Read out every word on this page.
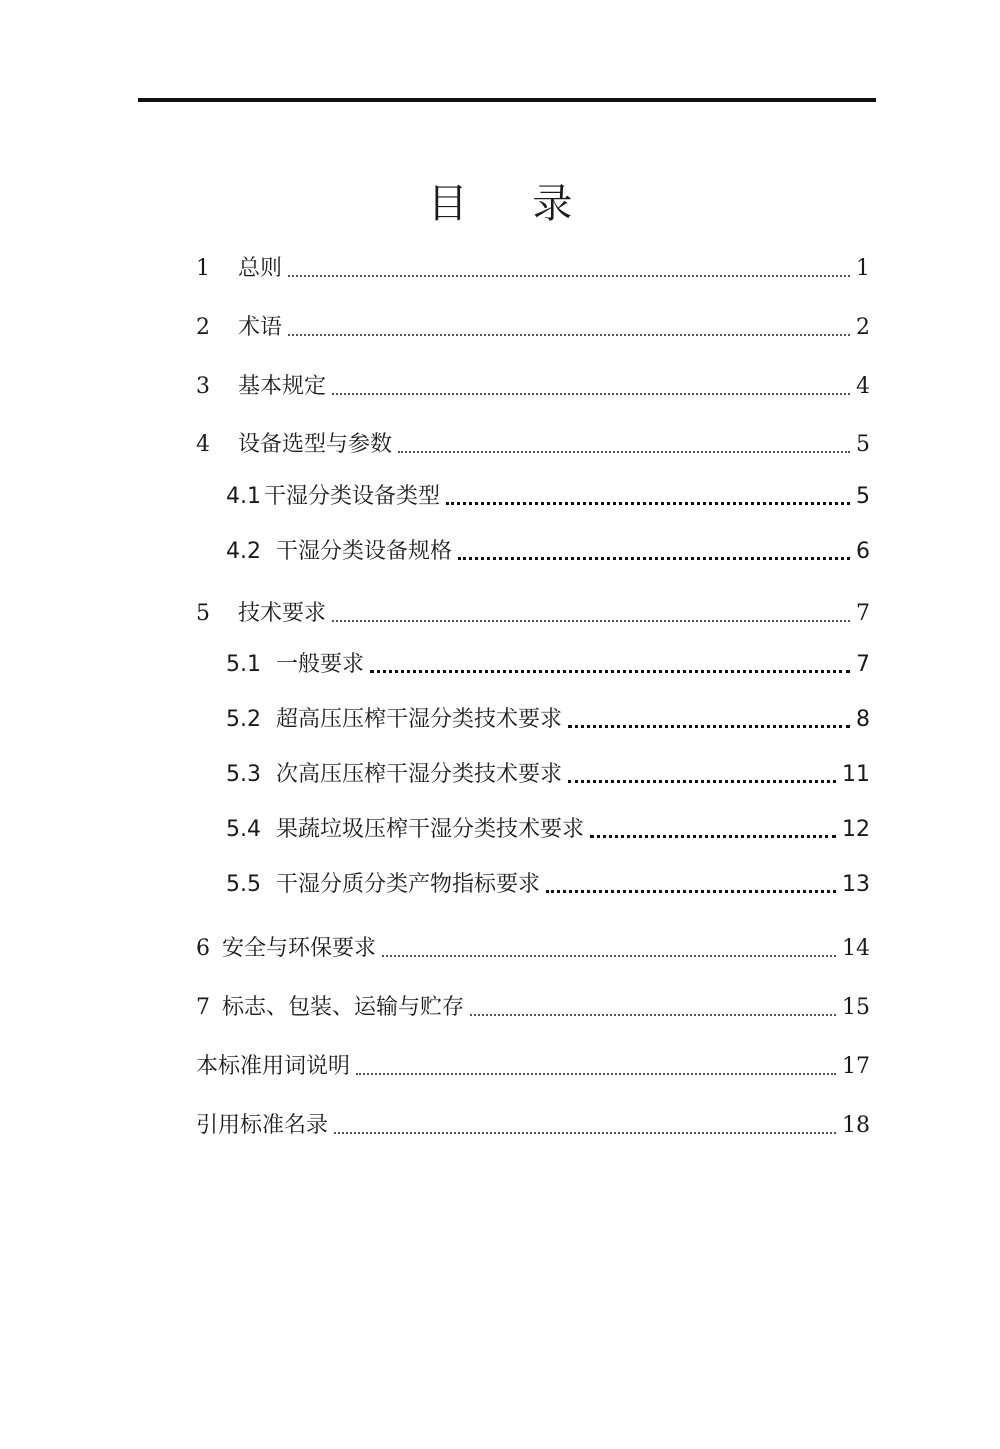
目 录
1	总则	1
2	术语	2
3	基本规定	4
4	设备选型与参数	5
4.1 干湿分类设备类型	5
4.2 干湿分类设备规格	6
5	技术要求	7
5.1 一般要求	7
5.2 超高压压榨干湿分类技术要求	8
5.3 次高压压榨干湿分类技术要求	11
5.4 果蔬垃圾压榨干湿分类技术要求	12
5.5 干湿分质分类产物指标要求	13
6 安全与环保要求	14
7 标志、包装、运输与贮存	15
本标准用词说明	17
引用标准名录	18
